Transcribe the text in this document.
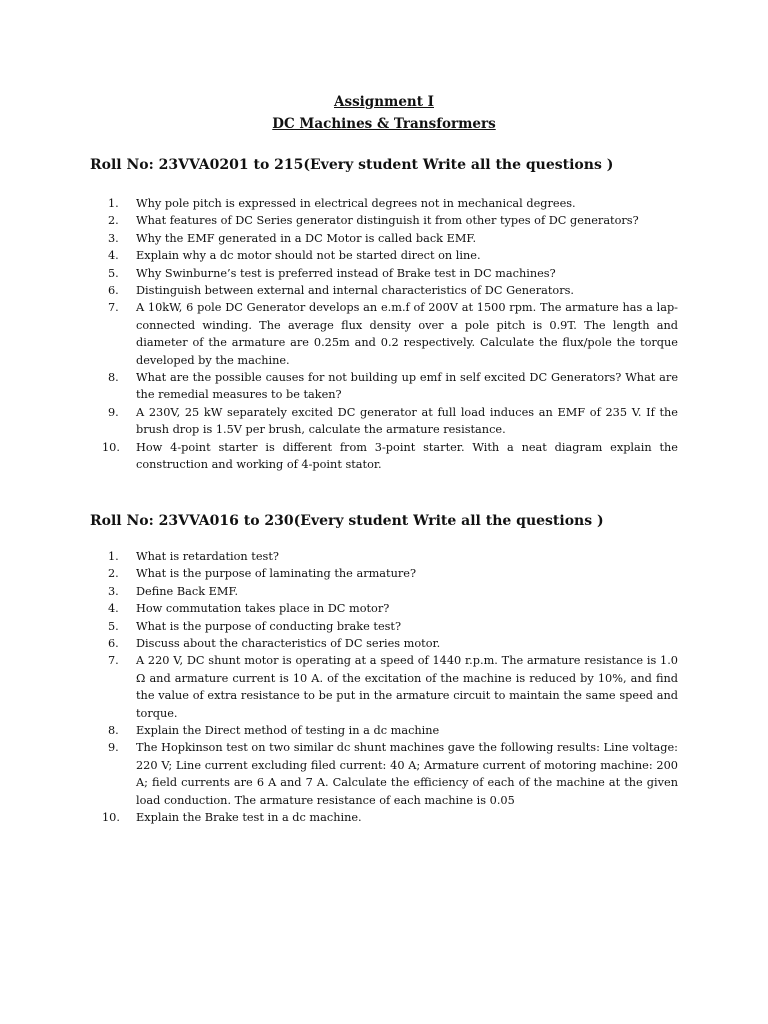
Assignment I
DC Machines & Transformers
Roll No: 23VVA0201 to 215(Every student Write all the questions )
1.	Why pole pitch is expressed in electrical degrees not in mechanical degrees.
2.	What features of DC Series generator distinguish it from other types of DC generators?
3.	Why the EMF generated in a DC Motor is called back EMF.
4.	Explain why a dc motor should not be started direct on line.
5.	Why Swinburne’s test is preferred instead of Brake test in DC machines?
6.	Distinguish between external and internal characteristics of DC Generators.
7.	A 10kW, 6 pole DC Generator develops an e.m.f of 200V at 1500 rpm. The armature has a lap- connected winding. The average flux density over a pole pitch is 0.9T. The length and diameter of the armature are 0.25m and 0.2 respectively. Calculate the flux/pole the torque developed by the machine.
8.	What are the possible causes for not building up emf in self excited DC Generators? What are the remedial measures to be taken?
9.	A 230V, 25 kW separately excited DC generator at full load induces an EMF of 235 V. If the brush drop is 1.5V per brush, calculate the armature resistance.
10.	How 4-point starter is different from 3-point starter. With a neat diagram explain the construction and working of 4-point stator.
Roll No: 23VVA016 to 230(Every student Write all the questions )
1.	What is retardation test?
2.	What is the purpose of laminating the armature?
3.	Define Back EMF.
4.	How commutation takes place in DC motor?
5.	What is the purpose of conducting brake test?
6.	Discuss about the characteristics of DC series motor.
7.	A 220 V, DC shunt motor is operating at a speed of 1440 r.p.m. The armature resistance is 1.0 Ω and armature current is 10 A. of the excitation of the machine is reduced by 10%, and find the value of extra resistance to be put in the armature circuit to maintain the same speed and torque.
8.	Explain the Direct method of testing in a dc machine
9.	The Hopkinson test on two similar dc shunt machines gave the following results: Line voltage: 220 V; Line current excluding filed current: 40 A; Armature current of motoring machine: 200 A; field currents are 6 A and 7 A. Calculate the efficiency of each of the machine at the given load conduction. The armature resistance of each machine is 0.05
10.	Explain the Brake test in a dc machine.
